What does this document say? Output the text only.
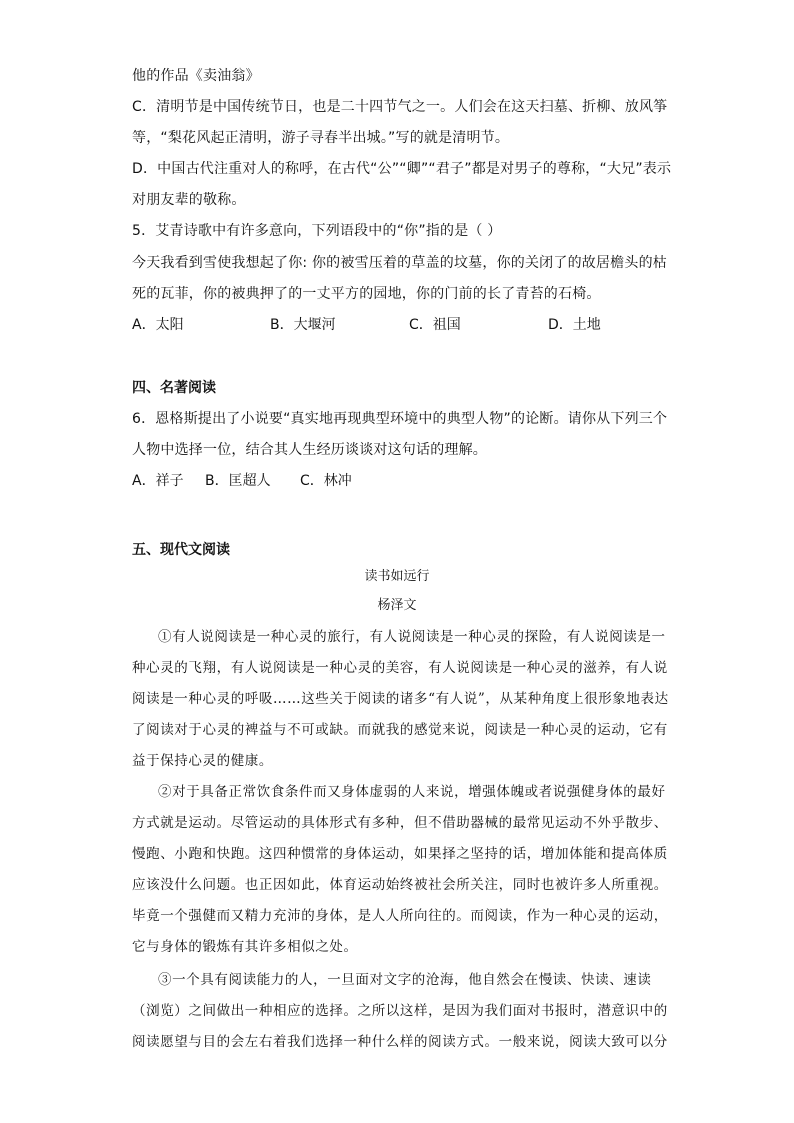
他的作品《卖油翁》
C．清明节是中国传统节日，也是二十四节气之一。人们会在这天扫墓、折柳、放风筝
等，“梨花风起正清明，游子寻春半出城。”写的就是清明节。
D．中国古代注重对人的称呼，在古代“公”“卿”“君子”都是对男子的尊称，“大兄”表示
对朋友辈的敬称。
5．艾青诗歌中有许多意向，下列语段中的“你”指的是（ ）
今天我看到雪使我想起了你: 你的被雪压着的草盖的坟墓，你的关闭了的故居檐头的枯
死的瓦菲，你的被典押了的一丈平方的园地，你的门前的长了青苔的石椅。
A．太阳	B．大堰河	C．祖国	D．土地
四、名著阅读
6．恩格斯提出了小说要“真实地再现典型环境中的典型人物”的论断。请你从下列三个
人物中选择一位，结合其人生经历谈谈对这句话的理解。
A．祥子 B．匡超人 C．林冲
五、现代文阅读
读书如远行
杨泽文
①有人说阅读是一种心灵的旅行，有人说阅读是一种心灵的探险，有人说阅读是一
种心灵的飞翔，有人说阅读是一种心灵的美容，有人说阅读是一种心灵的滋养，有人说
阅读是一种心灵的呼吸……这些关于阅读的诸多“有人说”，从某种角度上很形象地表达
了阅读对于心灵的裨益与不可或缺。而就我的感觉来说，阅读是一种心灵的运动，它有
益于保持心灵的健康。
②对于具备正常饮食条件而又身体虚弱的人来说，增强体魄或者说强健身体的最好
方式就是运动。尽管运动的具体形式有多种，但不借助器械的最常见运动不外乎散步、
慢跑、小跑和快跑。这四种惯常的身体运动，如果择之坚持的话，增加体能和提高体质
应该没什么问题。也正因如此，体育运动始终被社会所关注，同时也被许多人所重视。
毕竟一个强健而又精力充沛的身体，是人人所向往的。而阅读，作为一种心灵的运动，
它与身体的锻炼有其许多相似之处。
③一个具有阅读能力的人，一旦面对文字的沧海，他自然会在慢读、快读、速读
（浏览）之间做出一种相应的选择。之所以这样，是因为我们面对书报时，潜意识中的
阅读愿望与目的会左右着我们选择一种什么样的阅读方式。一般来说，阅读大致可以分
